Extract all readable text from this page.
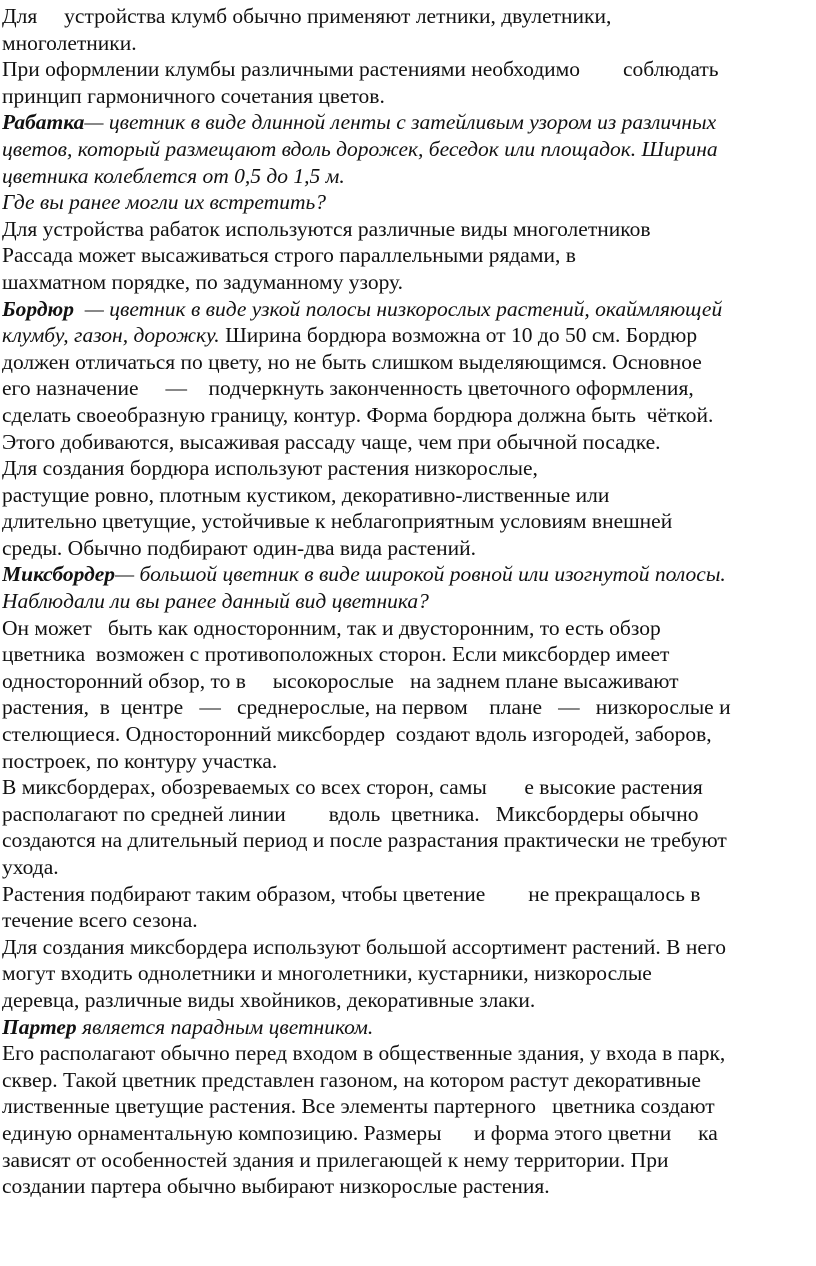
Для     устройства клумб обычно применяют летники, двулетники,
многолетники.
При оформлении клумбы различными растениями необходимо        соблюдать
принцип гармоничного сочетания цветов.
Рабатка— цветник в виде длинной ленты с затейливым узором из различных
цветов, который размещают вдоль дорожек, беседок или площадок. Ширина
цветника колеблется от 0,5 до 1,5 м.
Где вы ранее могли их встретить?
Для устройства рабаток используются различные виды многолетников
Рассада может высаживаться строго параллельными рядами, в
шахматном порядке, по задуманному узору.
Бордюр  — цветник в виде узкой полосы низкорослых растений, окаймляющей
клумбу, газон, дорожку. Ширина бордюра возможна от 10 до 50 см. Бордюр
должен отличаться по цвету, но не быть слишком выделяющимся. Основное
его назначение     —    подчеркнуть законченность цветочного оформления,
сделать своеобразную границу, контур. Форма бордюра должна быть  чёткой.
Этого добиваются, высаживая рассаду чаще, чем при обычной посадке.
Для создания бордюра используют растения низкорослые,
растущие ровно, плотным кустиком, декоративно-лиственные или
длительно цветущие, устойчивые к неблагоприятным условиям внешней
среды. Обычно подбирают один-два вида растений.
Миксбордер— большой цветник в виде широкой ровной или изогнутой полосы.
Наблюдали ли вы ранее данный вид цветника?
Он может   быть как односторонним, так и двусторонним, то есть обзор
цветника  возможен с противоположных сторон. Если миксбордер имеет
односторонний обзор, то в     ысокорослые   на заднем плане высаживают
растения,  в  центре   —   среднерослые, на первом    плане   —   низкорослые и
стелющиеся. Односторонний миксбордер  создают вдоль изгородей, заборов,
построек, по контуру участка.
В миксбордерах, обозреваемых со всех сторон, самы       е высокие растения
располагают по средней линии        вдоль  цветника.   Миксбордеры обычно
создаются на длительный период и после разрастания практически не требуют
ухода.
Растения подбирают таким образом, чтобы цветение        не прекращалось в
течение всего сезона.
Для создания миксбордера используют большой ассортимент растений. В него
могут входить однолетники и многолетники, кустарники, низкорослые
деревца, различные виды хвойников, декоративные злаки.
Партер является парадным цветником.
Его располагают обычно перед входом в общественные здания, у входа в парк,
сквер. Такой цветник представлен газоном, на котором растут декоративные
лиственные цветущие растения. Все элементы партерного   цветника создают
единую орнаментальную композицию. Размеры      и форма этого цветни     ка
зависят от особенностей здания и прилегающей к нему территории. При
создании партера обычно выбирают низкорослые растения.
